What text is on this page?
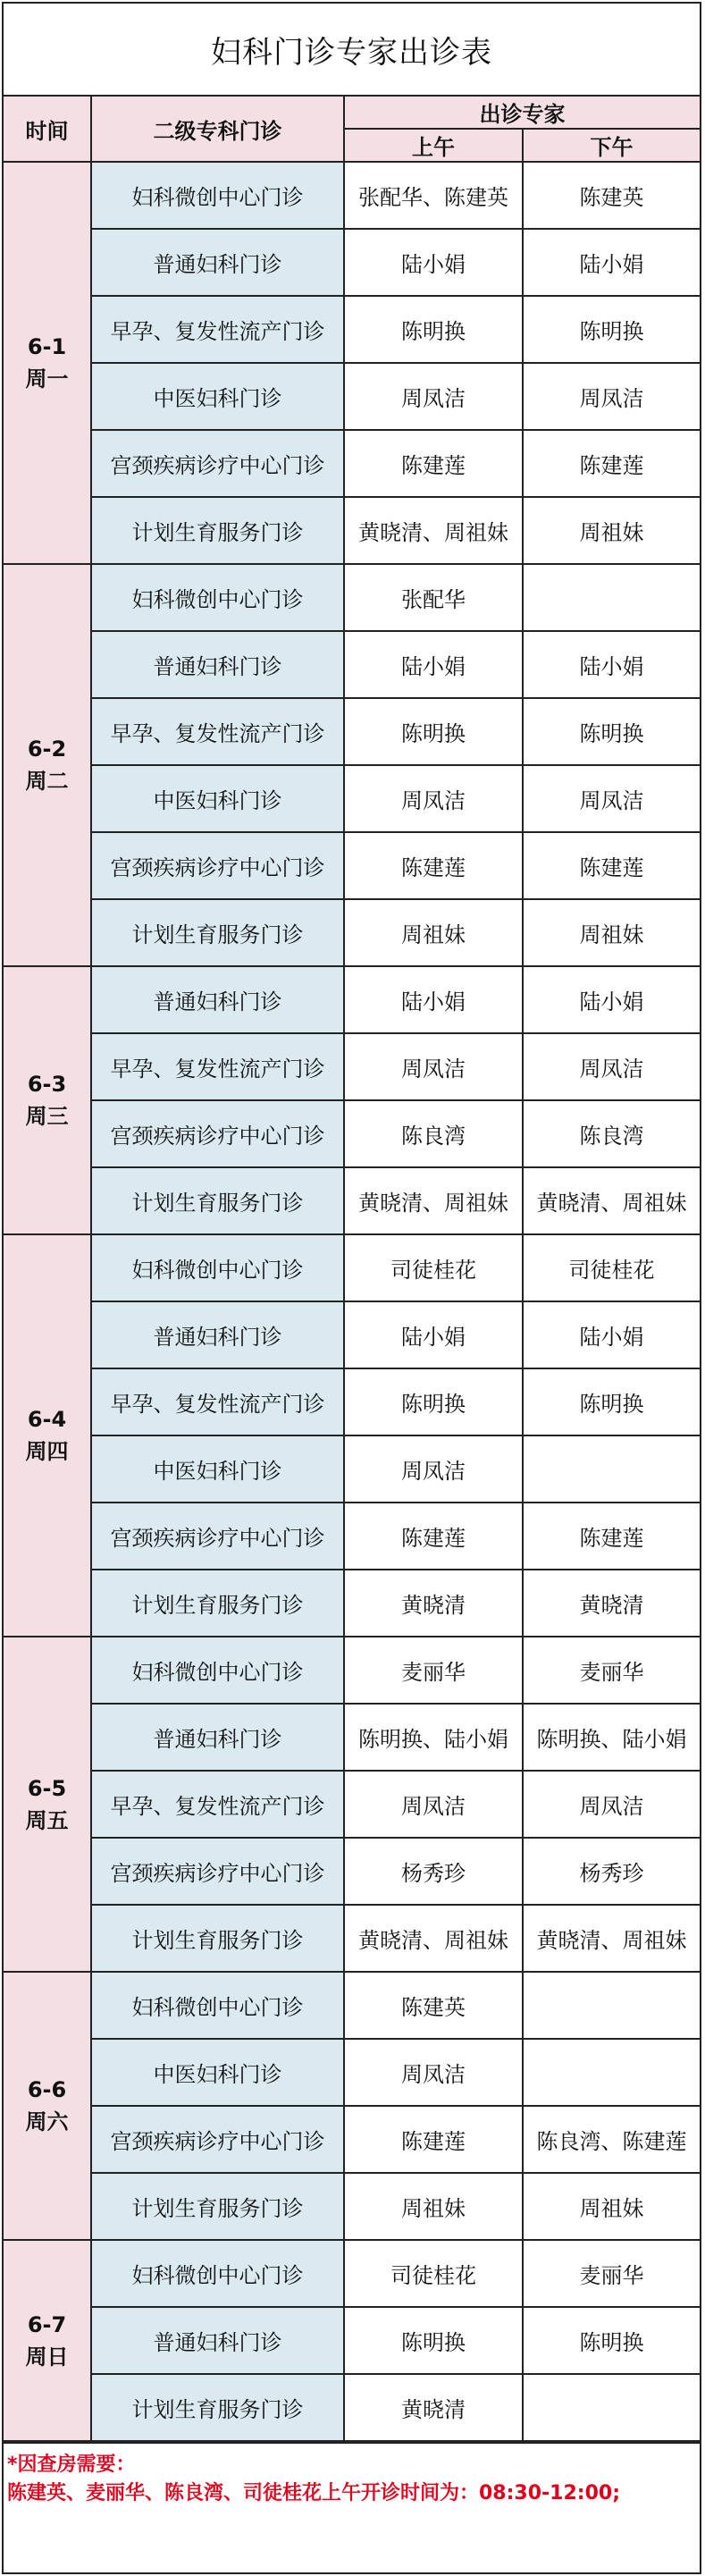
妇科门诊专家出诊表
时间	二级专科门诊	出诊专家	
		上午	下午

6-1
周一	妇科微创中心门诊	张配华、陈建英	陈建英
	普通妇科门诊	陆小娟	陆小娟
	早孕、复发性流产门诊	陈明换	陈明换
	中医妇科门诊	周凤洁	周凤洁
	宫颈疾病诊疗中心门诊	陈建莲	陈建莲
	计划生育服务门诊	黄晓清、周祖妹	周祖妹

6-2
周二	妇科微创中心门诊	张配华	
	普通妇科门诊	陆小娟	陆小娟
	早孕、复发性流产门诊	陈明换	陈明换
	中医妇科门诊	周凤洁	周凤洁
	宫颈疾病诊疗中心门诊	陈建莲	陈建莲
	计划生育服务门诊	周祖妹	周祖妹

6-3
周三	普通妇科门诊	陆小娟	陆小娟
	早孕、复发性流产门诊	周凤洁	周凤洁
	宫颈疾病诊疗中心门诊	陈良湾	陈良湾
	计划生育服务门诊	黄晓清、周祖妹	黄晓清、周祖妹

6-4
周四	妇科微创中心门诊	司徒桂花	司徒桂花
	普通妇科门诊	陆小娟	陆小娟
	早孕、复发性流产门诊	陈明换	陈明换
	中医妇科门诊	周凤洁	
	宫颈疾病诊疗中心门诊	陈建莲	陈建莲
	计划生育服务门诊	黄晓清	黄晓清

6-5
周五	妇科微创中心门诊	麦丽华	麦丽华
	普通妇科门诊	陈明换、陆小娟	陈明换、陆小娟
	早孕、复发性流产门诊	周凤洁	周凤洁
	宫颈疾病诊疗中心门诊	杨秀珍	杨秀珍
	计划生育服务门诊	黄晓清、周祖妹	黄晓清、周祖妹

6-6
周六	妇科微创中心门诊	陈建英	
	中医妇科门诊	周凤洁	
	宫颈疾病诊疗中心门诊	陈建莲	陈良湾、陈建莲
	计划生育服务门诊	周祖妹	周祖妹

6-7
周日	妇科微创中心门诊	司徒桂花	麦丽华
	普通妇科门诊	陈明换	陈明换
	计划生育服务门诊	黄晓清	
*因查房需要：
陈建英、麦丽华、陈良湾、司徒桂花上午开诊时间为：08:30-12:00;
